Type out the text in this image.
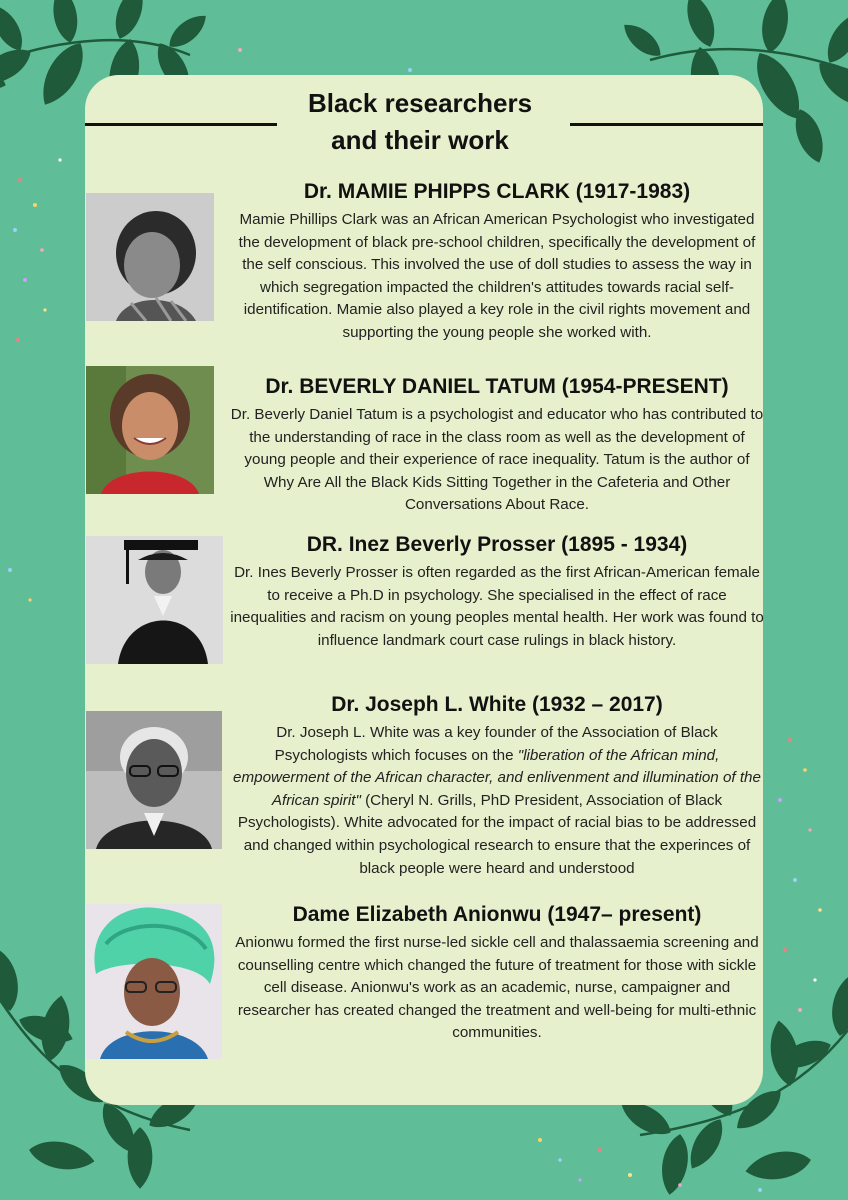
Black researchers
and their work
Dr. MAMIE PHIPPS CLARK (1917-1983)
Mamie Phillips Clark was an African American Psychologist who investigated the development of black pre-school children, specifically the development of the self conscious. This involved the use of doll studies to assess the way in which segregation impacted the children's attitudes towards racial self-identification. Mamie also played a key role in the civil rights movement and supporting the young people she worked with.
Dr. BEVERLY DANIEL TATUM (1954-PRESENT)
Dr. Beverly Daniel Tatum is a psychologist and educator who has contributed to the understanding of race in the class room as well as the development of young people and their experience of race inequality. Tatum is the author of Why Are All the Black Kids Sitting Together in the Cafeteria and Other Conversations About Race.
DR. Inez Beverly Prosser (1895 - 1934)
Dr. Ines Beverly Prosser is often regarded as the first African-American female to receive a Ph.D in psychology. She specialised in the effect of race inequalities and racism on young peoples mental health. Her work was found to influence landmark court case rulings in black history.
Dr. Joseph L. White (1932 – 2017)
Dr. Joseph L. White was a key founder of the Association of Black Psychologists which focuses on the "liberation of the African mind, empowerment of the African character, and enlivenment and illumination of the African spirit" (Cheryl N. Grills, PhD President, Association of Black Psychologists). White advocated for the impact of racial bias to be addressed and changed within psychological research to ensure that the experinces of black people were heard and understood
Dame Elizabeth Anionwu (1947– present)
Anionwu formed the first nurse-led sickle cell and thalassaemia screening and counselling centre which changed the future of treatment for those with sickle cell disease. Anionwu's work as an academic, nurse, campaigner and researcher has created changed the treatment and well-being for multi-ethnic communities.
